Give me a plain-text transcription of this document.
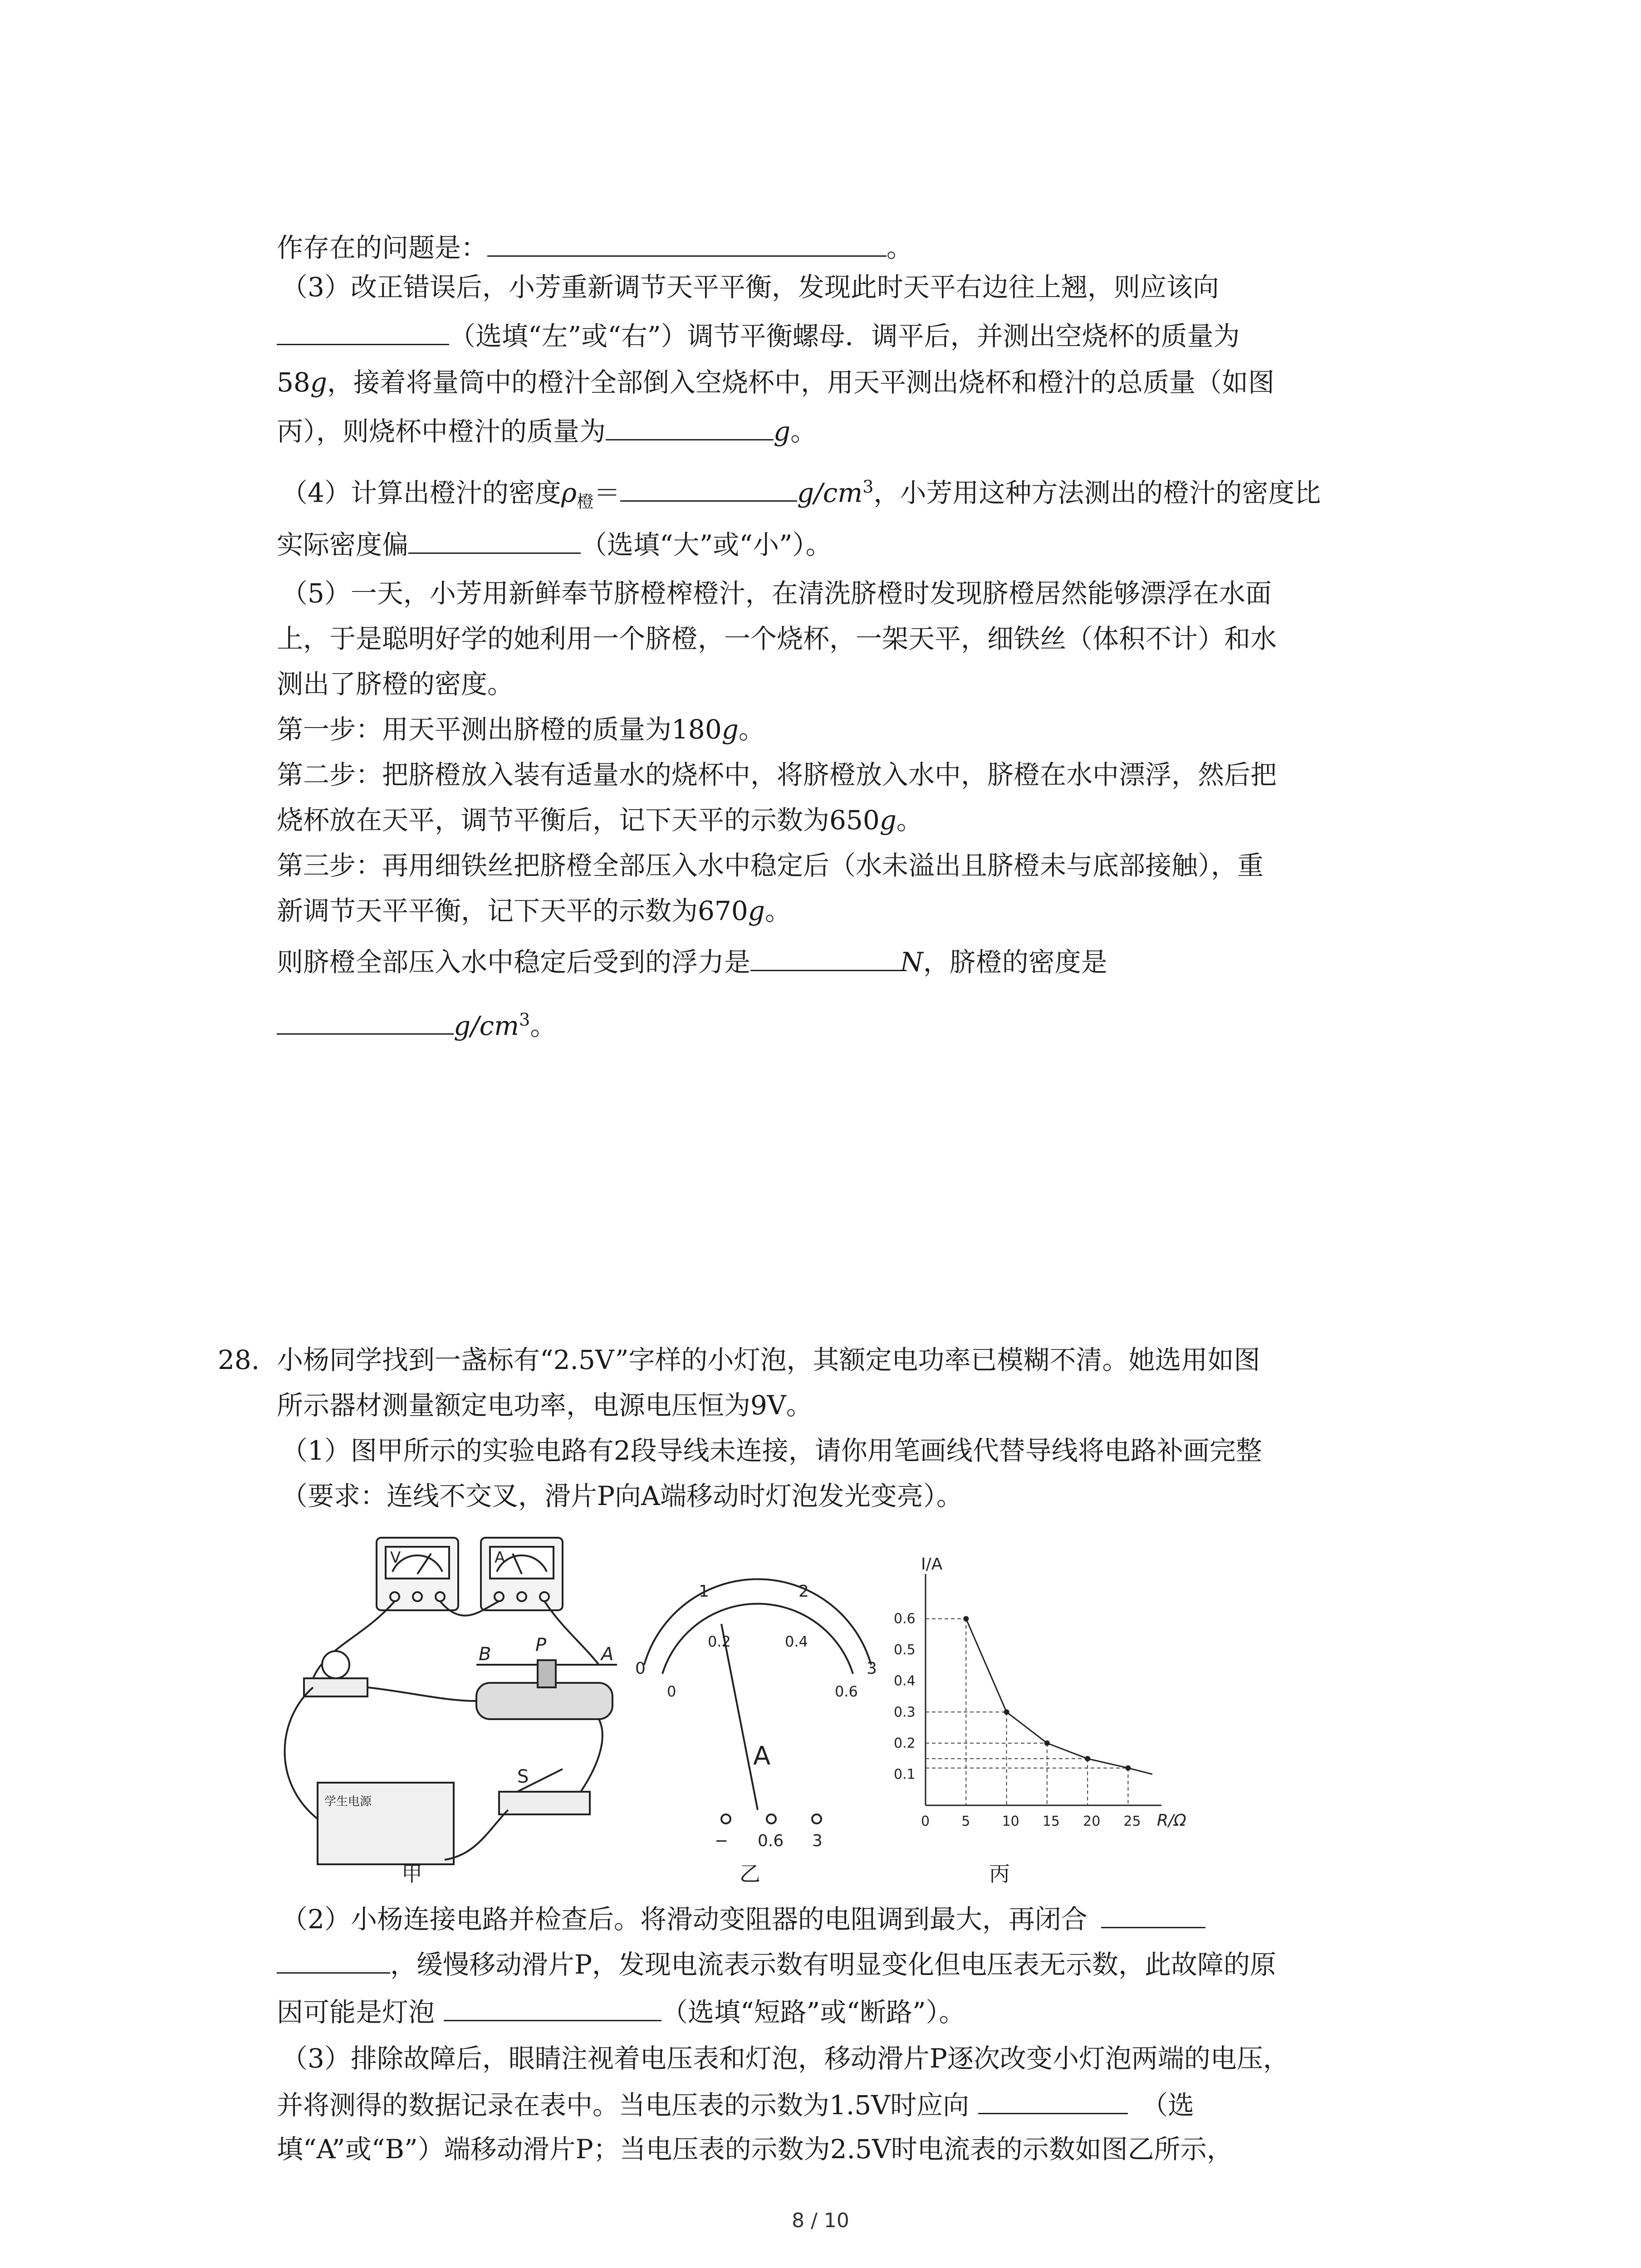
作存在的问题是：	。
（3）改正错误后，小芳重新调节天平平衡，发现此时天平右边往上翘，则应该向
（选填“左”或“右”）调节平衡螺母．调平后，并测出空烧杯的质量为
58g，接着将量筒中的橙汁全部倒入空烧杯中，用天平测出烧杯和橙汁的总质量（如图
丙），则烧杯中橙汁的质量为	g。
（4）计算出橙汁的密度$\rho_橙=$	$g/cm^3$，小芳用这种方法测出的橙汁的密度比
实际密度偏	（选填“大”或“小”）。
（5）一天，小芳用新鲜奉节脐橙榨橙汁，在清洗脐橙时发现脐橙居然能够漂浮在水面
上，于是聪明好学的她利用一个脐橙，一个烧杯，一架天平，细铁丝（体积不计）和水
测出了脐橙的密度。
第一步：用天平测出脐橙的质量为180g。
第二步：把脐橙放入装有适量水的烧杯中，将脐橙放入水中，脐橙在水中漂浮，然后把
烧杯放在天平，调节平衡后，记下天平的示数为650g。
第三步：再用细铁丝把脐橙全部压入水中稳定后（水未溢出且脐橙未与底部接触），重
新调节天平平衡，记下天平的示数为670g。
则脐橙全部压入水中稳定后受到的浮力是	N，脐橙的密度是
$g/cm^3$。
28. 小杨同学找到一盏标有“2.5V”字样的小灯泡，其额定电功率已模糊不清。她选用如图
所示器材测量额定电功率，电源电压恒为9V。
（1）图甲所示的实验电路有2段导线未连接，请你用笔画线代替导线将电路补画完整
（要求：连线不交叉，滑片P向A端移动时灯泡发光变亮）。
V	A
B P	A
S
学生电源
0
1	2
3
0
0.2	0.4
0.6
A
− 0.6 3
I/A
R/Ω
0.1
0.2
0.3
0.4
0.5
0.6
0 5 10 15 20 25
甲	乙	丙
（2）小杨连接电路并检查后。将滑动变阻器的电阻调到最大，再闭合
，缓慢移动滑片P，发现电流表示数有明显变化但电压表无示数，此故障的原
因可能是灯泡	（选填“短路”或“断路”）。
（3）排除故障后，眼睛注视着电压表和灯泡，移动滑片P逐次改变小灯泡两端的电压，
并将测得的数据记录在表中。当电压表的示数为1.5V时应向	（选
填“A”或“B”）端移动滑片P；当电压表的示数为2.5V时电流表的示数如图乙所示，
8 / 10
